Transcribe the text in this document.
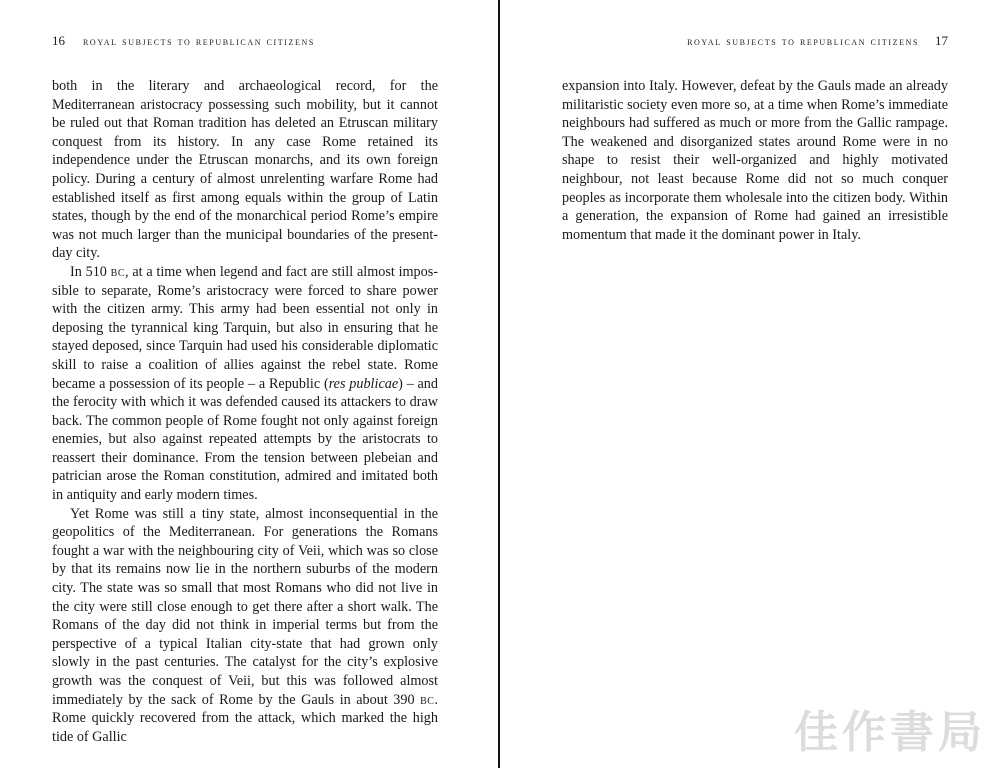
16 royal subjects to republican citizens

both in the literary and archaeological record, for the Mediterranean aristocracy possessing such mobility, but it cannot be ruled out that Roman tradition has deleted an Etruscan military conquest from its history. In any case Rome retained its independence under the Etruscan monarchs, and its own foreign policy. During a century of almost unrelenting warfare Rome had established itself as first among equals within the group of Latin states, though by the end of the monarchical period Rome’s empire was not much larger than the municipal boundaries of the present-day city.

In 510 bc, at a time when legend and fact are still almost impossible to separate, Rome’s aristocracy were forced to share power with the citizen army. This army had been essential not only in deposing the tyrannical king Tarquin, but also in ensuring that he stayed deposed, since Tarquin had used his considerable diplomatic skill to raise a coalition of allies against the rebel state. Rome became a possession of its people – a Republic (res publicae) – and the ferocity with which it was defended caused its attackers to draw back. The common people of Rome fought not only against foreign enemies, but also against repeated attempts by the aristocrats to reassert their dominance. From the tension between plebeian and patrician arose the Roman constitution, admired and imitated both in antiquity and early modern times.

Yet Rome was still a tiny state, almost inconsequential in the geopolitics of the Mediterranean. For generations the Romans fought a war with the neighbouring city of Veii, which was so close by that its remains now lie in the northern suburbs of the modern city. The state was so small that most Romans who did not live in the city were still close enough to get there after a short walk. The Romans of the day did not think in imperial terms but from the perspective of a typical Italian city-state that had grown only slowly in the past centuries. The catalyst for the city’s explosive growth was the conquest of Veii, but this was followed almost immediately by the sack of Rome by the Gauls in about 390 bc. Rome quickly recovered from the attack, which marked the high tide of Gallic

royal subjects to republican citizens 17

expansion into Italy. However, defeat by the Gauls made an already militaristic society even more so, at a time when Rome’s immediate neighbours had suffered as much or more from the Gallic rampage. The weakened and disorganized states around Rome were in no shape to resist their well-organized and highly motivated neighbour, not least because Rome did not so much conquer peoples as incorporate them wholesale into the citizen body. Within a generation, the expansion of Rome had gained an irresistible momentum that made it the dominant power in Italy.

佳作書局
